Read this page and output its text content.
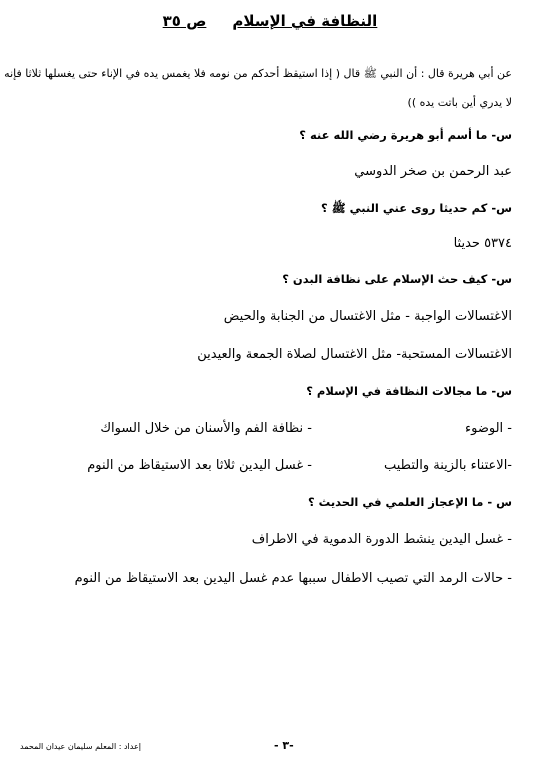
النظافة في الإسلامص ٣٥
عن أبي هريرة قال : أن النبي ﷺ قال ( إذا استيقظ أحدكم من نومه فلا يغمس يده في الإناء حتى يغسلها ثلاثا فإنه
لا يدري أين باتت يده ))
س- ما أسم أبو هريرة رضي الله عنه ؟
عبد الرحمن بن صخر الدوسي
س- كم حديثا روى عني النبي ﷺ ؟
٥٣٧٤ حديثا
س- كيف حث الإسلام على نظافة البدن ؟
الاغتسالات الواجبة - مثل الاغتسال من الجنابة والحيض
الاغتسالات المستحبة- مثل الاغتسال لصلاة الجمعة والعيدين
س- ما مجالات النظافة في الإسلام ؟
- الوضوء
- نظافة الفم والأسنان من خلال السواك
-الاعتناء بالزينة والتطيب
- غسل اليدين ثلاثا بعد الاستيقاظ من النوم
س - ما الإعجاز العلمي في الحديث ؟
- غسل اليدين ينشط الدورة الدموية في الاطراف
- حالات الرمد التي تصيب الاطفال سببها عدم غسل اليدين بعد الاستيقاظ من النوم
- ٣-
إعداد : المعلم سليمان عيدان المحمد
